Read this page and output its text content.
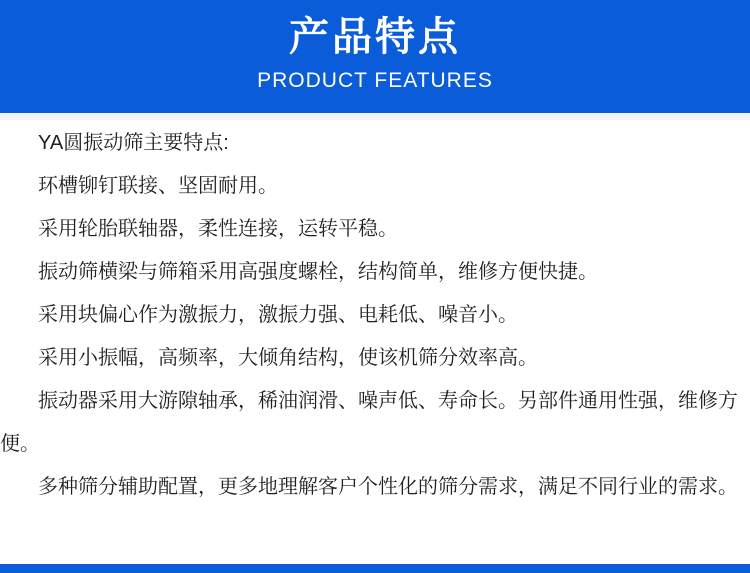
产品特点
PRODUCT FEATURES

YA圆振动筛主要特点:

环槽铆钉联接、坚固耐用。

采用轮胎联轴器，柔性连接，运转平稳。

振动筛横梁与筛箱采用高强度螺栓，结构简单，维修方便快捷。

采用块偏心作为激振力，激振力强、电耗低、噪音小。

采用小振幅，高频率，大倾角结构，使该机筛分效率高。

振动器采用大游隙轴承，稀油润滑、噪声低、寿命长。另部件通用性强，维修方便。

多种筛分辅助配置，更多地理解客户个性化的筛分需求，满足不同行业的需求。
